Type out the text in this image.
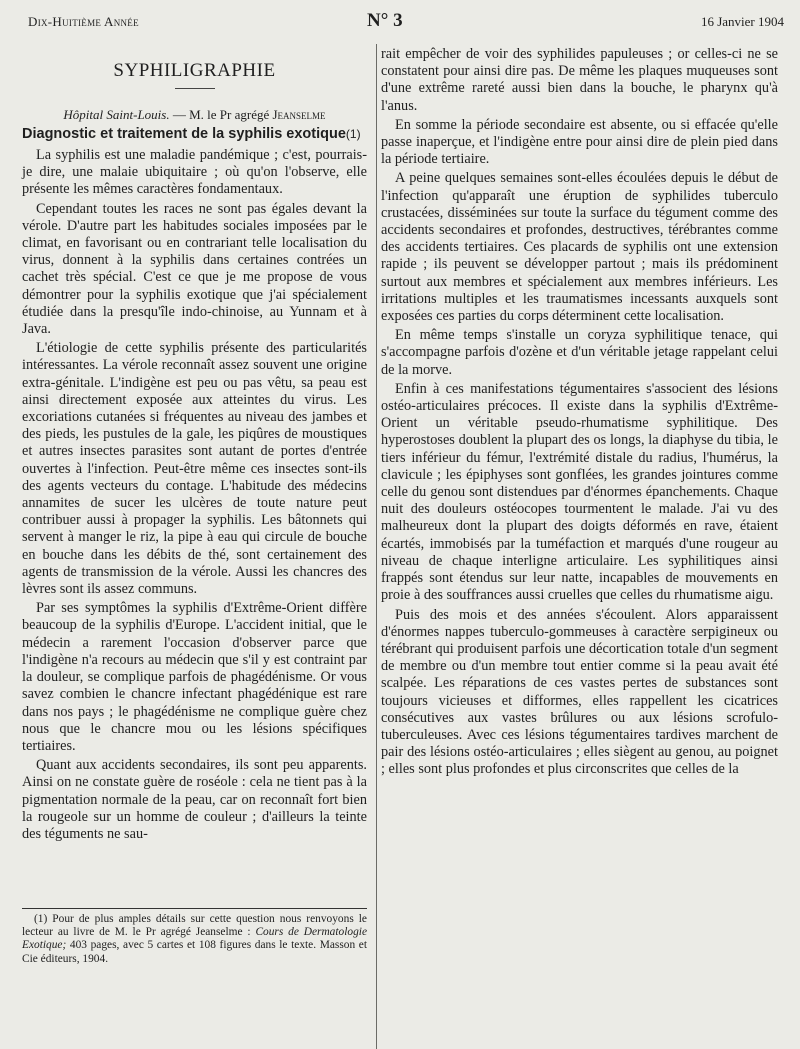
Dix-Huitième Année	N° 3	16 Janvier 1904
SYPHILIGRAPHIE
Hôpital Saint-Louis. — M. le Pr agrégé Jeanselme
Diagnostic et traitement de la syphilis exotique(1)

La syphilis est une maladie pandémique ; c'est, pourrais-je dire, une malaie ubiquitaire ; où qu'on l'observe, elle présente les mêmes caractères fondamentaux.

Cependant toutes les races ne sont pas égales devant la vérole. D'autre part les habitudes sociales imposées par le climat, en favorisant ou en contrariant telle localisation du virus, donnent à la syphilis dans certaines contrées un cachet très spécial. C'est ce que je me propose de vous démontrer pour la syphilis exotique que j'ai spécialement étudiée dans la presqu'île indo-chinoise, au Yunnam et à Java.

L'étiologie de cette syphilis présente des particularités intéressantes. La vérole reconnaît assez souvent une origine extra-génitale. L'indigène est peu ou pas vêtu, sa peau est ainsi directement exposée aux atteintes du virus. Les excoriations cutanées si fréquentes au niveau des jambes et des pieds, les pustules de la gale, les piqûres de moustiques et autres insectes parasites sont autant de portes d'entrée ouvertes à l'infection. Peut-être même ces insectes sont-ils des agents vecteurs du contage. L'habitude des médecins annamites de sucer les ulcères de toute nature peut contribuer aussi à propager la syphilis. Les bâtonnets qui servent à manger le riz, la pipe à eau qui circule de bouche en bouche dans les débits de thé, sont certainement des agents de transmission de la vérole. Aussi les chancres des lèvres sont ils assez communs.

Par ses symptômes la syphilis d'Extrême-Orient diffère beaucoup de la syphilis d'Europe. L'accident initial, que le médecin a rarement l'occasion d'observer parce que l'indigène n'a recours au médecin que s'il y est contraint par la douleur, se complique parfois de phagédénisme. Or vous savez combien le chancre infectant phagédénique est rare dans nos pays ; le phagédénisme ne complique guère chez nous que le chancre mou ou les lésions spécifiques tertiaires.

Quant aux accidents secondaires, ils sont peu apparents. Ainsi on ne constate guère de roséole : cela ne tient pas à la pigmentation normale de la peau, car on reconnaît fort bien la rougeole sur un homme de couleur ; d'ailleurs la teinte des téguments ne sau-

(1) Pour de plus amples détails sur cette question nous renvoyons le lecteur au livre de M. le Pr agrégé Jeanselme : Cours de Dermatologie Exotique; 403 pages, avec 5 cartes et 108 figures dans le texte. Masson et Cie éditeurs, 1904.

rait empêcher de voir des syphilides papuleuses ; or celles-ci ne se constatent pour ainsi dire pas. De même les plaques muqueuses sont d'une extrême rareté aussi bien dans la bouche, le pharynx qu'à l'anus.

En somme la période secondaire est absente, ou si effacée qu'elle passe inaperçue, et l'indigène entre pour ainsi dire de plein pied dans la période tertiaire.

A peine quelques semaines sont-elles écoulées depuis le début de l'infection qu'apparaît une éruption de syphilides tuberculo crustacées, disséminées sur toute la surface du tégument comme des accidents secondaires et profondes, destructives, térébrantes comme des accidents tertiaires. Ces placards de syphilis ont une extension rapide ; ils peuvent se développer partout ; mais ils prédominent surtout aux membres et spécialement aux membres inférieurs. Les irritations multiples et les traumatismes incessants auxquels sont exposées ces parties du corps déterminent cette localisation.

En même temps s'installe un coryza syphilitique tenace, qui s'accompagne parfois d'ozène et d'un véritable jetage rappelant celui de la morve.

Enfin à ces manifestations tégumentaires s'associent des lésions ostéo-articulaires précoces. Il existe dans la syphilis d'Extrême-Orient un véritable pseudo-rhumatisme syphilitique. Des hyperostoses doublent la plupart des os longs, la diaphyse du tibia, le tiers inférieur du fémur, l'extrémité distale du radius, l'humérus, la clavicule ; les épiphyses sont gonflées, les grandes jointures comme celle du genou sont distendues par d'énormes épanchements. Chaque nuit des douleurs ostéocopes tourmentent le malade. J'ai vu des malheureux dont la plupart des doigts déformés en rave, étaient écartés, immobisés par la tuméfaction et marqués d'une rougeur au niveau de chaque interligne articulaire. Les syphilitiques ainsi frappés sont étendus sur leur natte, incapables de mouvements en proie à des souffrances aussi cruelles que celles du rhumatisme aigu.

Puis des mois et des années s'écoulent. Alors apparaissent d'énormes nappes tuberculo-gommeuses à caractère serpigineux ou térébrant qui produisent parfois une décortication totale d'un segment de membre ou d'un membre tout entier comme si la peau avait été scalpée. Les réparations de ces vastes pertes de substances sont toujours vicieuses et difformes, elles rappellent les cicatrices consécutives aux vastes brûlures ou aux lésions scrofulo-tuberculeuses. Avec ces lésions tégumentaires tardives marchent de pair des lésions ostéo-articulaires ; elles siègent au genou, au poignet ; elles sont plus profondes et plus circonscrites que celles de la
